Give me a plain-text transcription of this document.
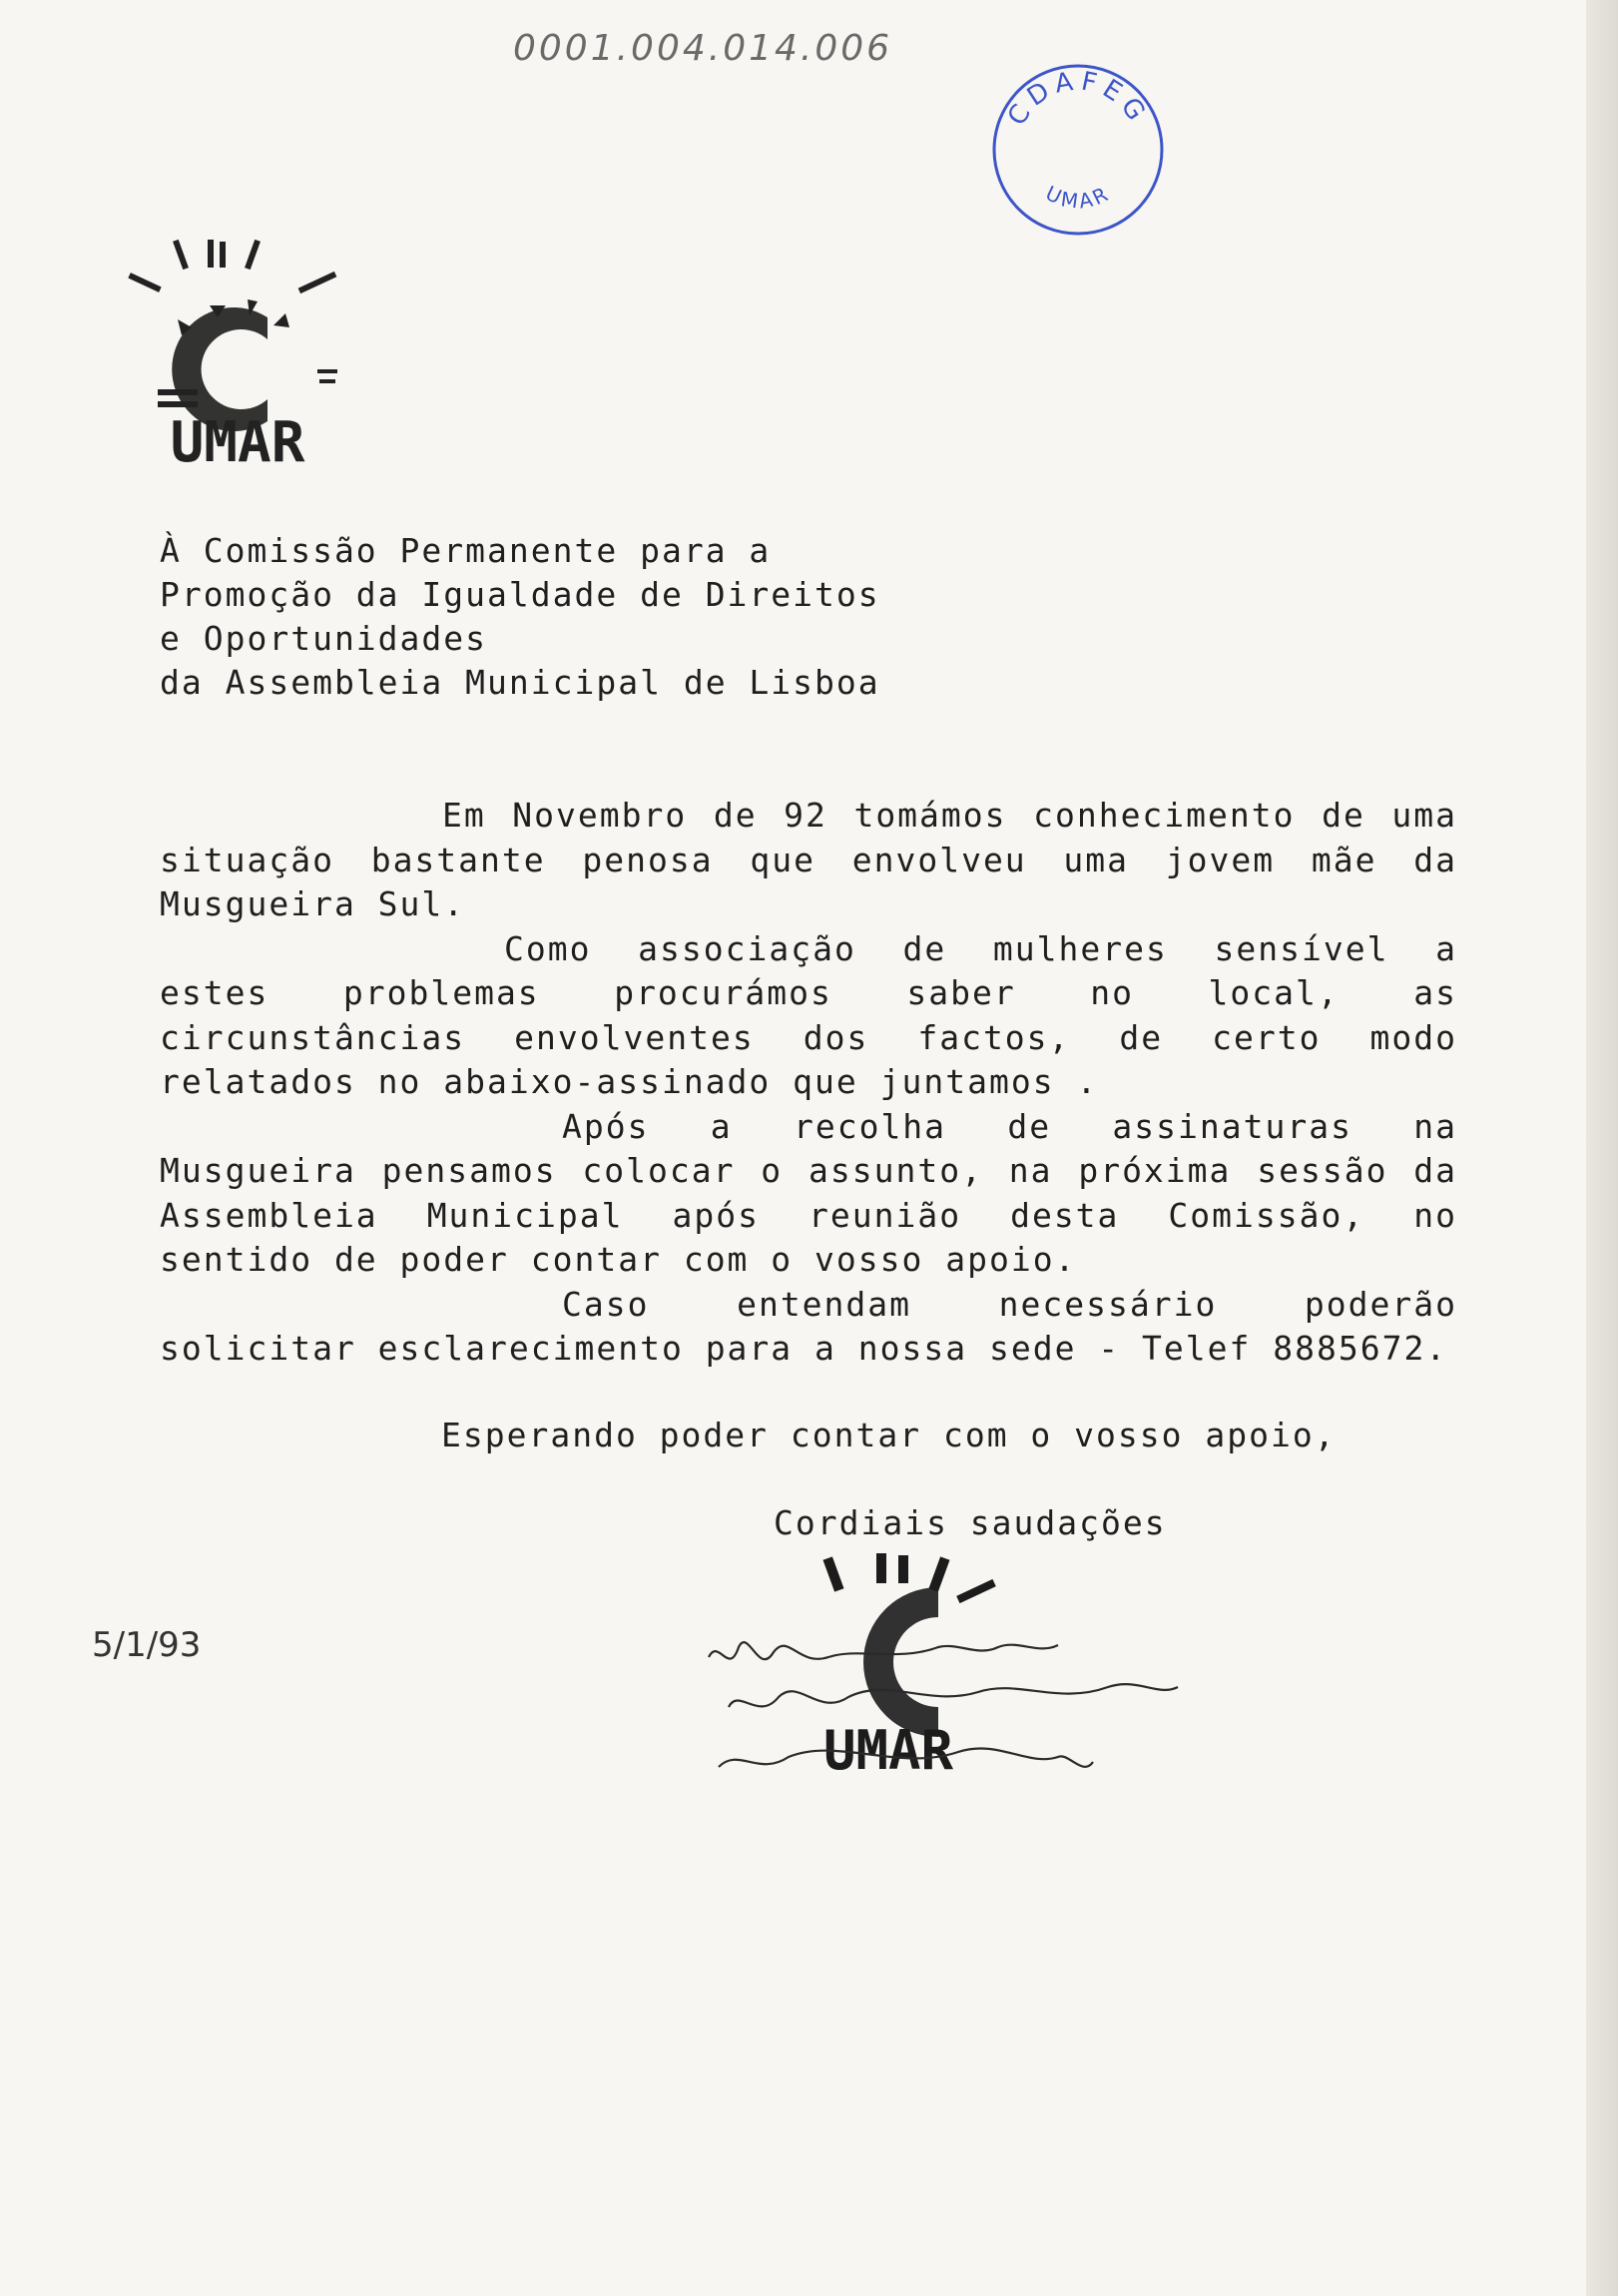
0001.004.014.006
CDAFEG
UMAR
UMAR
À Comissão Permanente para a
Promoção da Igualdade de Direitos
e Oportunidades
da Assembleia Municipal de Lisboa

Em Novembro de 92 tomámos conhecimento de uma situação bastante penosa que envolveu uma jovem mãe da Musgueira Sul.

Como associação de mulheres sensível a estes problemas procurámos saber no local, as circunstâncias envolventes dos factos, de certo modo relatados no abaixo-assinado que juntamos .

Após a recolha de assinaturas na Musgueira pensamos colocar o assunto, na próxima sessão da Assembleia Municipal após reunião desta Comissão, no sentido de poder contar com o vosso apoio.

Caso entendam necessário poderão solicitar esclarecimento para a nossa sede - Telef 8885672.

Esperando poder contar com o vosso apoio,
Cordiais saudações
5/1/93
UMAR
